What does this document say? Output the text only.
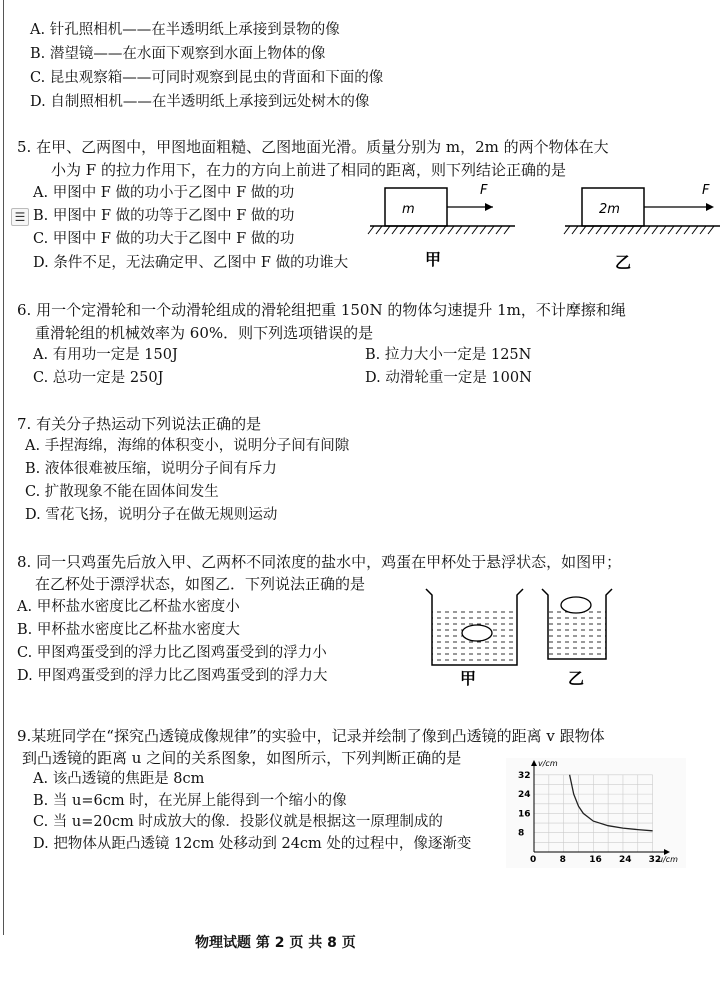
☰
A. 针孔照相机——在半透明纸上承接到景物的像
B. 潜望镜——在水面下观察到水面上物体的像
C. 昆虫观察箱——可同时观察到昆虫的背面和下面的像
D. 自制照相机——在半透明纸上承接到远处树木的像
5. 在甲、乙两图中，甲图地面粗糙、乙图地面光滑。质量分别为 m，2m 的两个物体在大
小为 F 的拉力作用下，在力的方向上前进了相同的距离，则下列结论正确的是
A. 甲图中 F 做的功小于乙图中 F 做的功
B. 甲图中 F 做的功等于乙图中 F 做的功
C. 甲图中 F 做的功大于乙图中 F 做的功
D. 条件不足，无法确定甲、乙图中 F 做的功谁大
m
F
甲
2m
F
乙
6. 用一个定滑轮和一个动滑轮组成的滑轮组把重 150N 的物体匀速提升 1m，不计摩擦和绳
重滑轮组的机械效率为 60%．则下列选项错误的是
A. 有用功一定是 150J	B. 拉力大小一定是 125N
C. 总功一定是 250J	D. 动滑轮重一定是 100N
7. 有关分子热运动下列说法正确的是
A. 手捏海绵，海绵的体积变小，说明分子间有间隙
B. 液体很难被压缩，说明分子间有斥力
C. 扩散现象不能在固体间发生
D. 雪花飞扬，说明分子在做无规则运动
8. 同一只鸡蛋先后放入甲、乙两杯不同浓度的盐水中，鸡蛋在甲杯处于悬浮状态，如图甲；
在乙杯处于漂浮状态，如图乙．下列说法正确的是
A. 甲杯盐水密度比乙杯盐水密度小
B. 甲杯盐水密度比乙杯盐水密度大
C. 甲图鸡蛋受到的浮力比乙图鸡蛋受到的浮力小
D. 甲图鸡蛋受到的浮力比乙图鸡蛋受到的浮力大	甲	乙
9.某班同学在“探究凸透镜成像规律”的实验中，记录并绘制了像到凸透镜的距离 v 跟物体
到凸透镜的距离 u 之间的关系图象，如图所示，下列判断正确的是
A. 该凸透镜的焦距是 8cm
B. 当 u=6cm 时，在光屏上能得到一个缩小的像
C. 当 u=20cm 时成放大的像．投影仪就是根据这一原理制成的
D. 把物体从距凸透镜 12cm 处移动到 24cm 处的过程中，像逐渐变
0	8	16 24 32
32
24
16
8
v/cm
u/cm
物理试题 第 2 页 共 8 页
